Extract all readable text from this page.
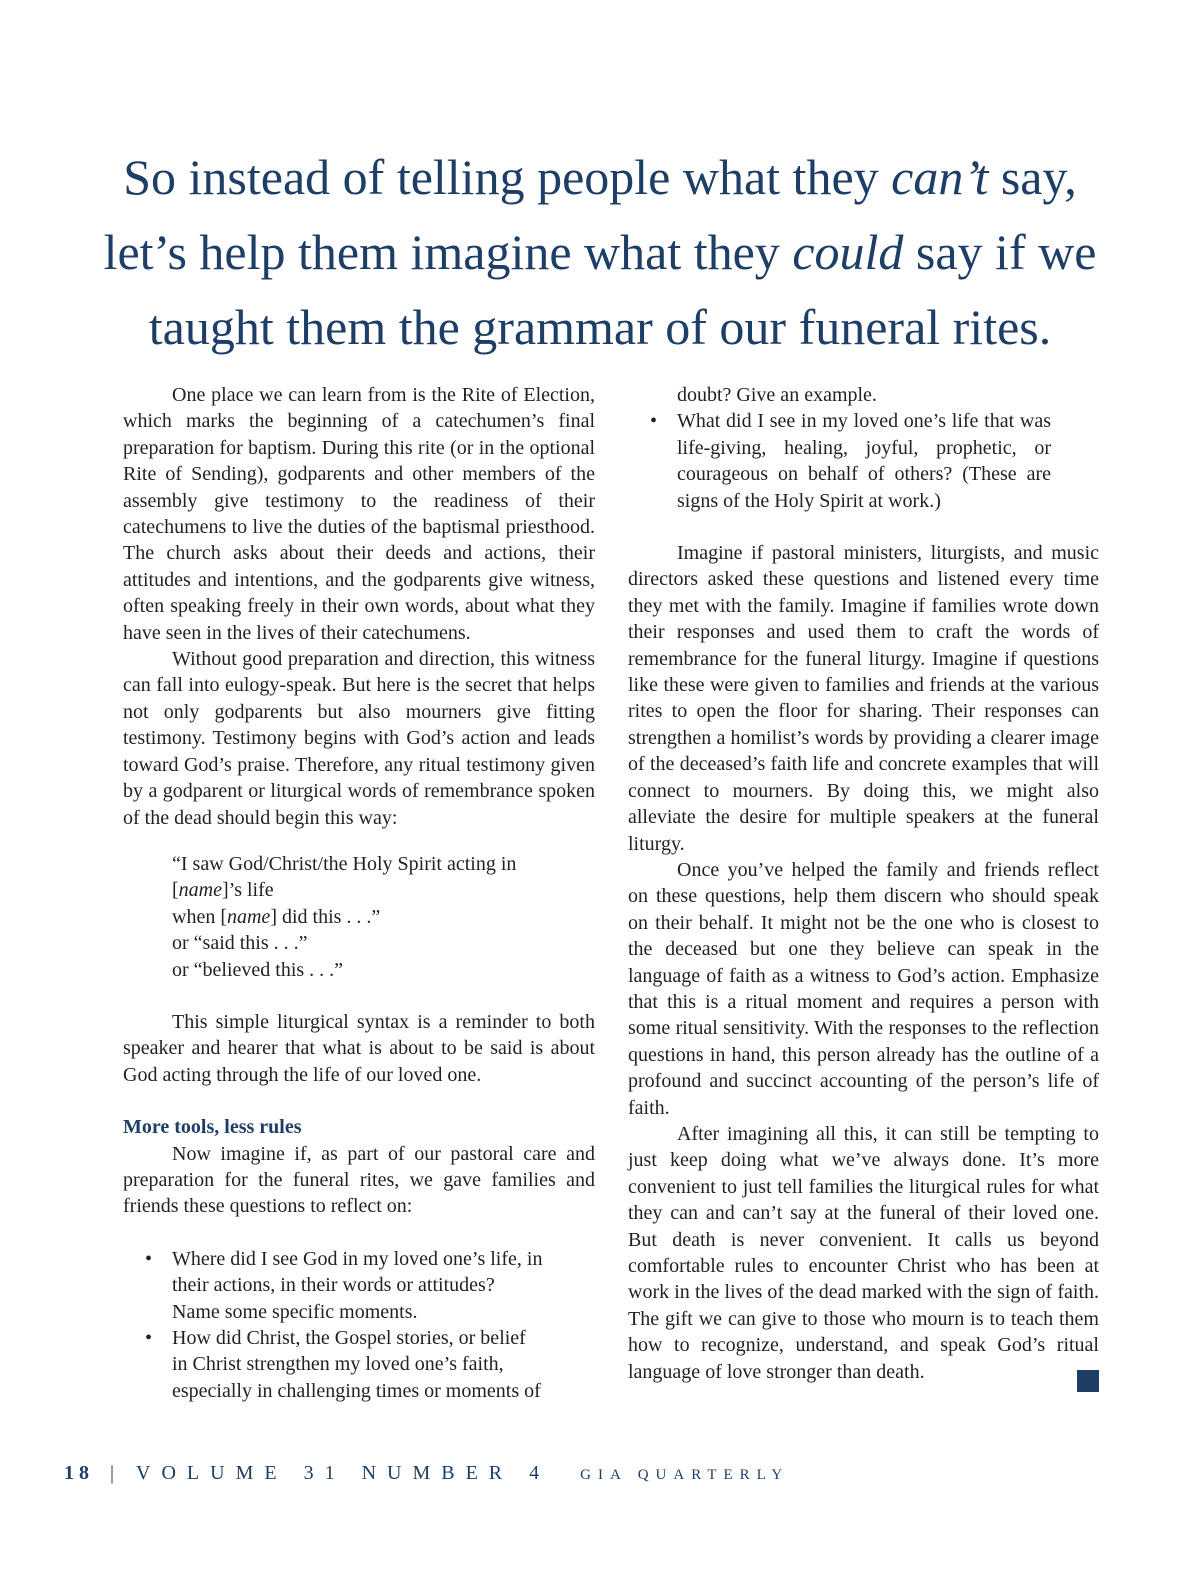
So instead of telling people what they can’t say,
let’s help them imagine what they could say if we
taught them the grammar of our funeral rites.

One place we can learn from is the Rite of Election, which marks the beginning of a catechumen’s final preparation for baptism. During this rite (or in the optional Rite of Sending), godparents and other members of the assembly give testimony to the readiness of their catechumens to live the duties of the baptismal priesthood. The church asks about their deeds and actions, their attitudes and intentions, and the godparents give witness, often speaking freely in their own words, about what they have seen in the lives of their catechumens.

Without good preparation and direction, this witness can fall into eulogy-speak. But here is the secret that helps not only godparents but also mourners give fitting testimony. Testimony begins with God’s action and leads toward God’s praise. Therefore, any ritual testimony given by a godparent or liturgical words of remembrance spoken of the dead should begin this way:

“I saw God/Christ/the Holy Spirit acting in
[name]’s life
when [name] did this . . .”
or “said this . . .”
or “believed this . . .”

This simple liturgical syntax is a reminder to both speaker and hearer that what is about to be said is about God acting through the life of our loved one.

More tools, less rules

Now imagine if, as part of our pastoral care and preparation for the funeral rites, we gave families and friends these questions to reflect on:

• Where did I see God in my loved one’s life, in their actions, in their words or attitudes? Name some specific moments.
• How did Christ, the Gospel stories, or belief in Christ strengthen my loved one’s faith, especially in challenging times or moments of
doubt? Give an example.
• What did I see in my loved one’s life that was life-giving, healing, joyful, prophetic, or courageous on behalf of others? (These are signs of the Holy Spirit at work.)

Imagine if pastoral ministers, liturgists, and music directors asked these questions and listened every time they met with the family. Imagine if families wrote down their responses and used them to craft the words of remembrance for the funeral liturgy. Imagine if questions like these were given to families and friends at the various rites to open the floor for sharing. Their responses can strengthen a homilist’s words by providing a clearer image of the deceased’s faith life and concrete examples that will connect to mourners. By doing this, we might also alleviate the desire for multiple speakers at the funeral liturgy.

Once you’ve helped the family and friends reflect on these questions, help them discern who should speak on their behalf. It might not be the one who is closest to the deceased but one they believe can speak in the language of faith as a witness to God’s action. Emphasize that this is a ritual moment and requires a person with some ritual sensitivity. With the responses to the reflection questions in hand, this person already has the outline of a profound and succinct accounting of the person’s life of faith.

After imagining all this, it can still be tempting to just keep doing what we’ve always done. It’s more convenient to just tell families the liturgical rules for what they can and can’t say at the funeral of their loved one. But death is never convenient. It calls us beyond comfortable rules to encounter Christ who has been at work in the lives of the dead marked with the sign of faith. The gift we can give to those who mourn is to teach them how to recognize, understand, and speak God’s ritual language of love stronger than death.

18 | VOLUME 31 NUMBER 4 GIA QUARTERLY
